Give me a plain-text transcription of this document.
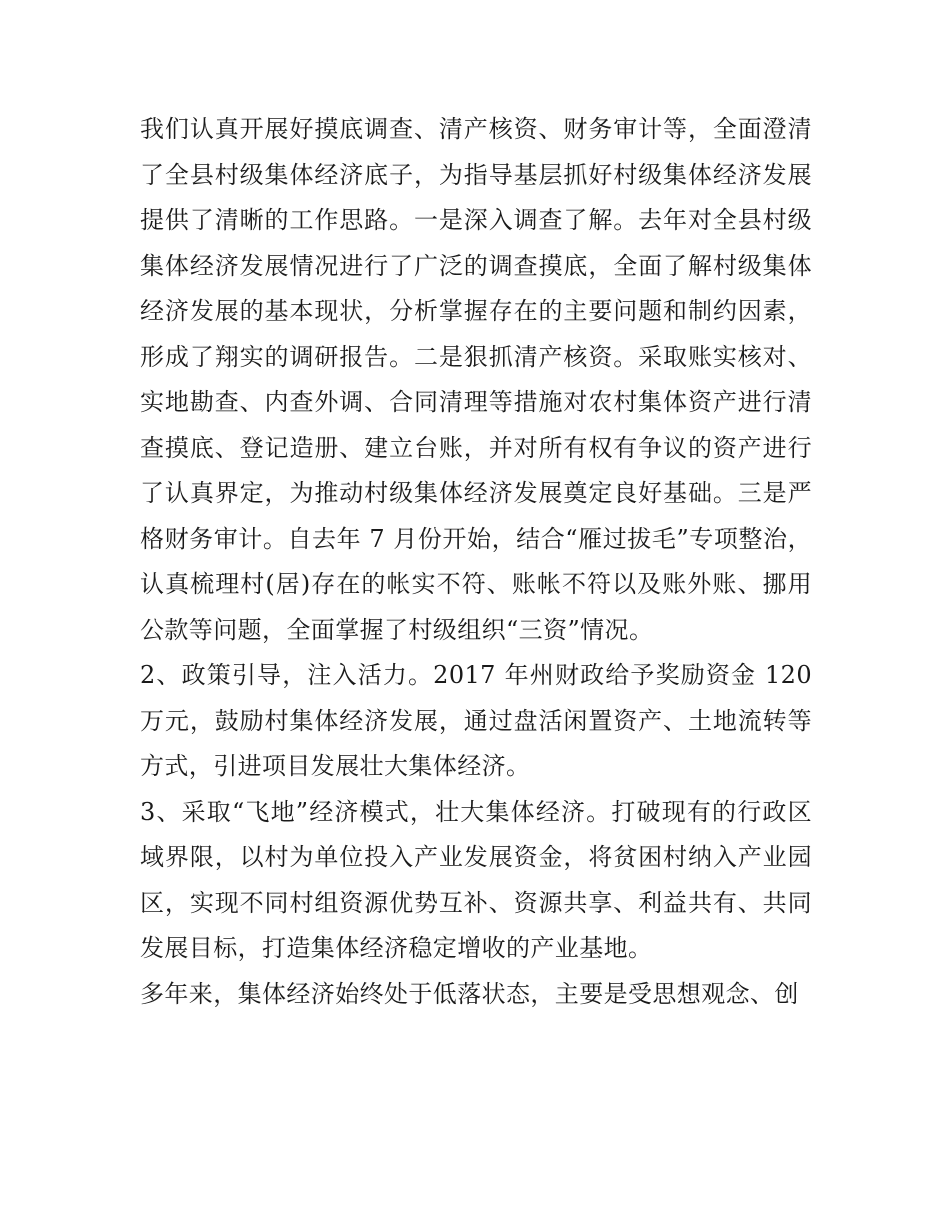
我们认真开展好摸底调查、清产核资、财务审计等，全面澄清了全县村级集体经济底子，为指导基层抓好村级集体经济发展提供了清晰的工作思路。一是深入调查了解。去年对全县村级集体经济发展情况进行了广泛的调查摸底，全面了解村级集体经济发展的基本现状，分析掌握存在的主要问题和制约因素，形成了翔实的调研报告。二是狠抓清产核资。采取账实核对、实地勘查、内查外调、合同清理等措施对农村集体资产进行清查摸底、登记造册、建立台账，并对所有权有争议的资产进行了认真界定，为推动村级集体经济发展奠定良好基础。三是严格财务审计。自去年 7 月份开始，结合“雁过拔毛”专项整治，认真梳理村(居)存在的帐实不符、账帐不符以及账外账、挪用公款等问题，全面掌握了村级组织“三资”情况。

2、政策引导，注入活力。2017 年州财政给予奖励资金 120 万元，鼓励村集体经济发展，通过盘活闲置资产、土地流转等方式，引进项目发展壮大集体经济。

3、采取“飞地”经济模式，壮大集体经济。打破现有的行政区域界限，以村为单位投入产业发展资金，将贫困村纳入产业园区，实现不同村组资源优势互补、资源共享、利益共有、共同发展目标，打造集体经济稳定增收的产业基地。

多年来，集体经济始终处于低落状态，主要是受思想观念、创
